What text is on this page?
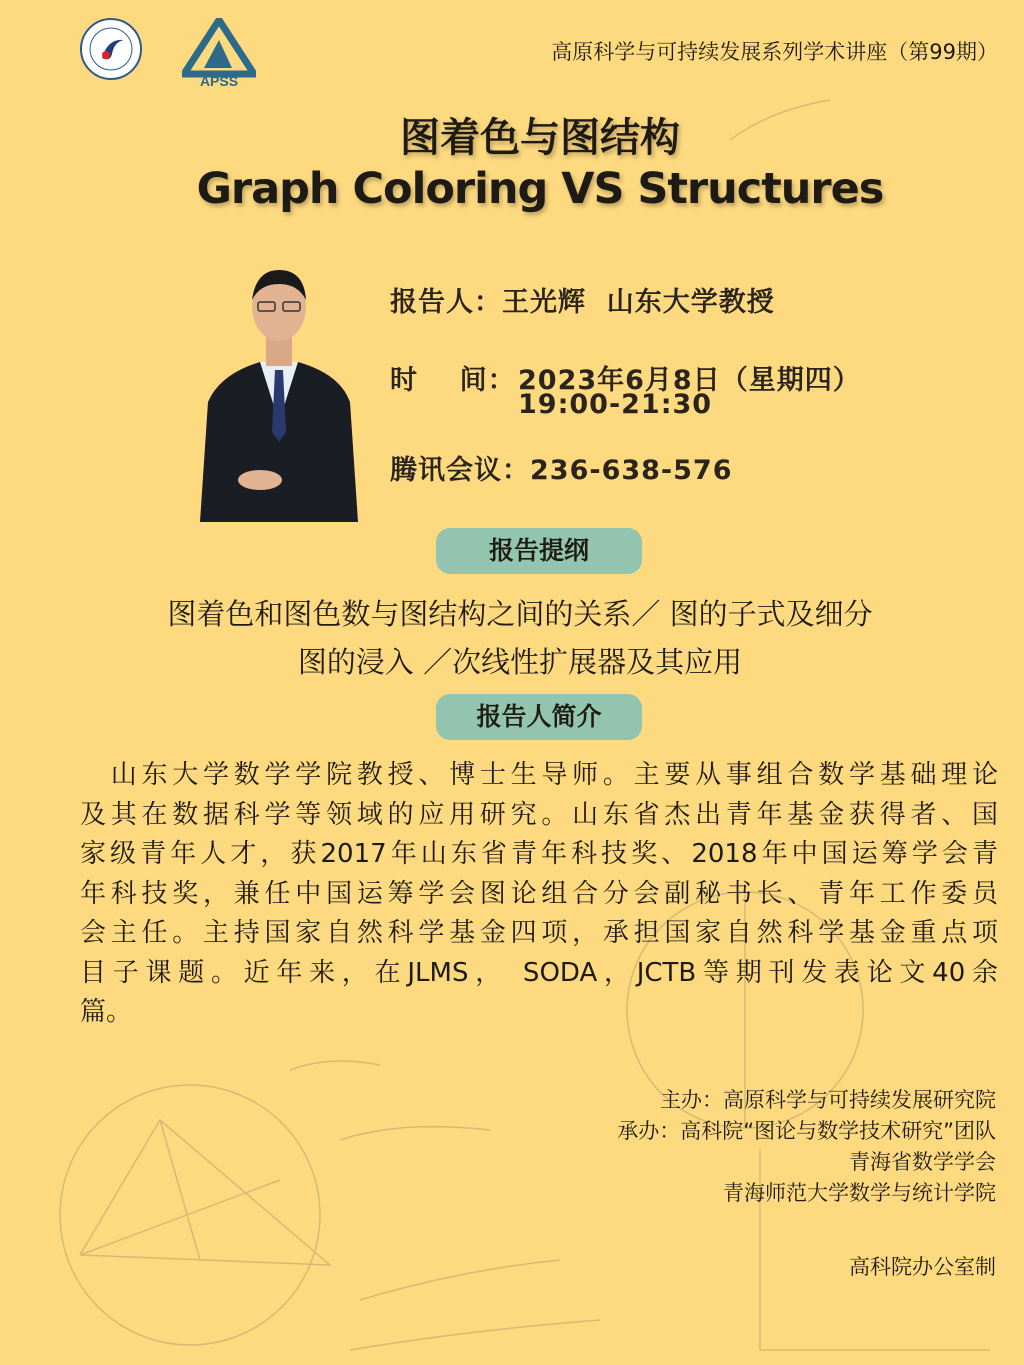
APSS
高原科学与可持续发展系列学术讲座（第99期）
图着色与图结构
Graph Coloring VS Structures
报告人：王光辉  山东大学教授
时    间： 2023年6月8日（星期四）
19:00-21:30
腾讯会议：236-638-576
报告提纲
图着色和图色数与图结构之间的关系／ 图的子式及细分
图的浸入 ／次线性扩展器及其应用
报告人简介
　山东大学数学学院教授、博士生导师。主要从事组合数学基础理论
及其在数据科学等领域的应用研究。山东省杰出青年基金获得者、国
家级青年人才，获2017年山东省青年科技奖、2018年中国运筹学会青
年科技奖，兼任中国运筹学会图论组合分会副秘书长、青年工作委员
会主任。主持国家自然科学基金四项，承担国家自然科学基金重点项
目子课题。近年来，在JLMS， SODA，JCTB等期刊发表论文40余
篇。
主办：高原科学与可持续发展研究院
承办：高科院“图论与数学技术研究”团队
青海省数学学会
青海师范大学数学与统计学院
高科院办公室制
